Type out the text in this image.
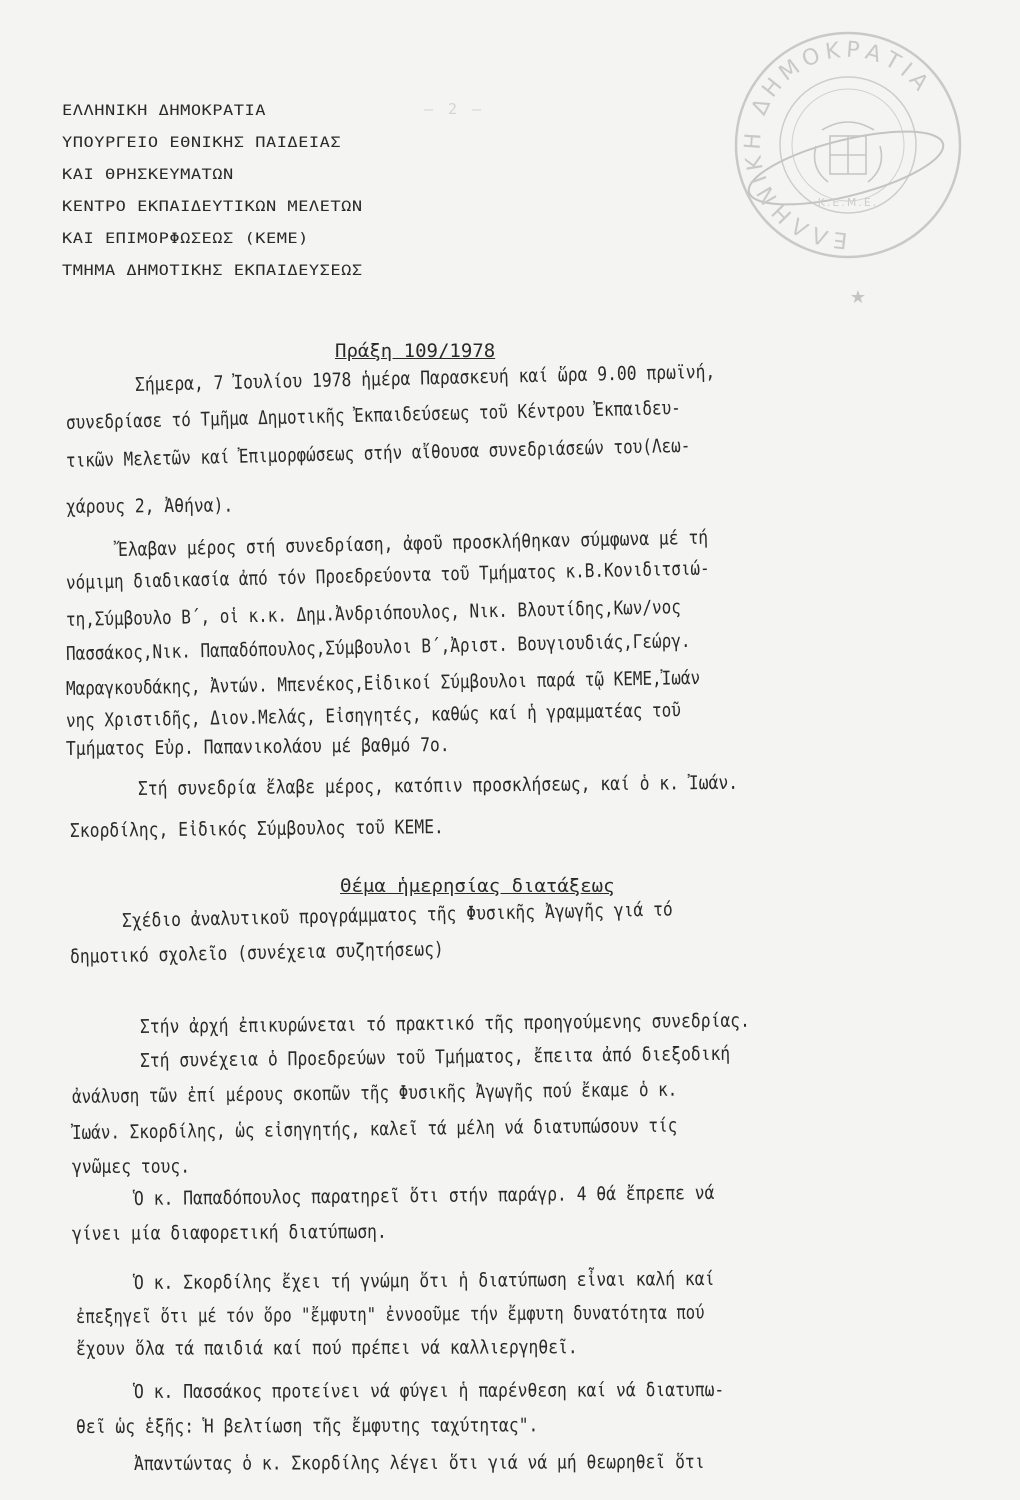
— 2 —
ΕΛΛΗΝΙΚΗ ΔΗΜΟΚΡΑΤΙΑ
Κ.Ε.Μ.Ε.
★
ΕΛΛΗΝΙΚΗ ΔΗΜΟΚΡΑΤΙΑ
ΥΠΟΥΡΓΕΙΟ ΕΘΝΙΚΗΣ ΠΑΙΔΕΙΑΣ
ΚΑΙ ΘΡΗΣΚΕΥΜΑΤΩΝ
ΚΕΝΤΡΟ ΕΚΠΑΙΔΕΥΤΙΚΩΝ ΜΕΛΕΤΩΝ
ΚΑΙ ΕΠΙΜΟΡΦΩΣΕΩΣ (ΚΕΜΕ)
ΤΜΗΜΑ ΔΗΜΟΤΙΚΗΣ ΕΚΠΑΙΔΕΥΣΕΩΣ
Πράξη 109/1978
Σήμερα, 7 Ἰουλίου 1978 ἡμέρα Παρασκευή καί ὥρα 9.00 πρωϊνή,
συνεδρίασε τό Τμῆμα Δημοτικῆς Ἐκπαιδεύσεως τοῦ Κέντρου Ἐκπαιδευ-
τικῶν Μελετῶν καί Ἐπιμορφώσεως στήν αἴθουσα συνεδριάσεών του(Λεω-
χάρους 2, Ἀθήνα).
Ἔλαβαν μέρος στή συνεδρίαση, ἀφοῦ προσκλήθηκαν σύμφωνα μέ τή
νόμιμη διαδικασία ἀπό τόν Προεδρεύοντα τοῦ Τμήματος κ.Β.Κονιδιτσιώ-
τη,Σύμβουλο Β΄, οἱ κ.κ. Δημ.Ἀνδριόπουλος, Νικ. Βλουτίδης,Κων/νος
Πασσάκος,Νικ. Παπαδόπουλος,Σύμβουλοι Β΄,Ἀριστ. Βουγιουδιάς,Γεώργ.
Μαραγκουδάκης, Ἀντών. Μπενέκος,Εἰδικοί Σύμβουλοι παρά τῷ ΚΕΜΕ,Ἰωάν
νης Χριστιδῆς, Διον.Μελάς, Εἰσηγητές, καθώς καί ἡ γραμματέας τοῦ
Τμήματος Εὐρ. Παπανικολάου μέ βαθμό 7ο.
Στή συνεδρία ἔλαβε μέρος, κατόπιν προσκλήσεως, καί ὁ κ. Ἰωάν.
Σκορδίλης, Εἰδικός Σύμβουλος τοῦ ΚΕΜΕ.
Θέμα ἡμερησίας διατάξεως
Σχέδιο ἀναλυτικοῦ προγράμματος τῆς Φυσικῆς Ἀγωγῆς γιά τό
δημοτικό σχολεῖο (συνέχεια συζητήσεως)
Στήν ἀρχή ἐπικυρώνεται τό πρακτικό τῆς προηγούμενης συνεδρίας.
Στή συνέχεια ὁ Προεδρεύων τοῦ Τμήματος, ἔπειτα ἀπό διεξοδική
ἀνάλυση τῶν ἐπί μέρους σκοπῶν τῆς Φυσικῆς Ἀγωγῆς πού ἔκαμε ὁ κ.
Ἰωάν. Σκορδίλης, ὡς εἰσηγητής, καλεῖ τά μέλη νά διατυπώσουν τίς
γνῶμες τους.
Ὁ κ. Παπαδόπουλος παρατηρεῖ ὅτι στήν παράγρ. 4 θά ἔπρεπε νά
γίνει μία διαφορετική διατύπωση.
Ὁ κ. Σκορδίλης ἔχει τή γνώμη ὅτι ἡ διατύπωση εἶναι καλή καί
ἐπεξηγεῖ ὅτι μέ τόν ὅρο "ἔμφυτη" ἐννοοῦμε τήν ἔμφυτη δυνατότητα πού
ἔχουν ὅλα τά παιδιά καί πού πρέπει νά καλλιεργηθεῖ.
Ὁ κ. Πασσάκος προτείνει νά φύγει ἡ παρένθεση καί νά διατυπω-
θεῖ ὡς ἑξῆς: Ἡ βελτίωση τῆς ἔμφυτης ταχύτητας".
Ἀπαντώντας ὁ κ. Σκορδίλης λέγει ὅτι γιά νά μή θεωρηθεῖ ὅτι
